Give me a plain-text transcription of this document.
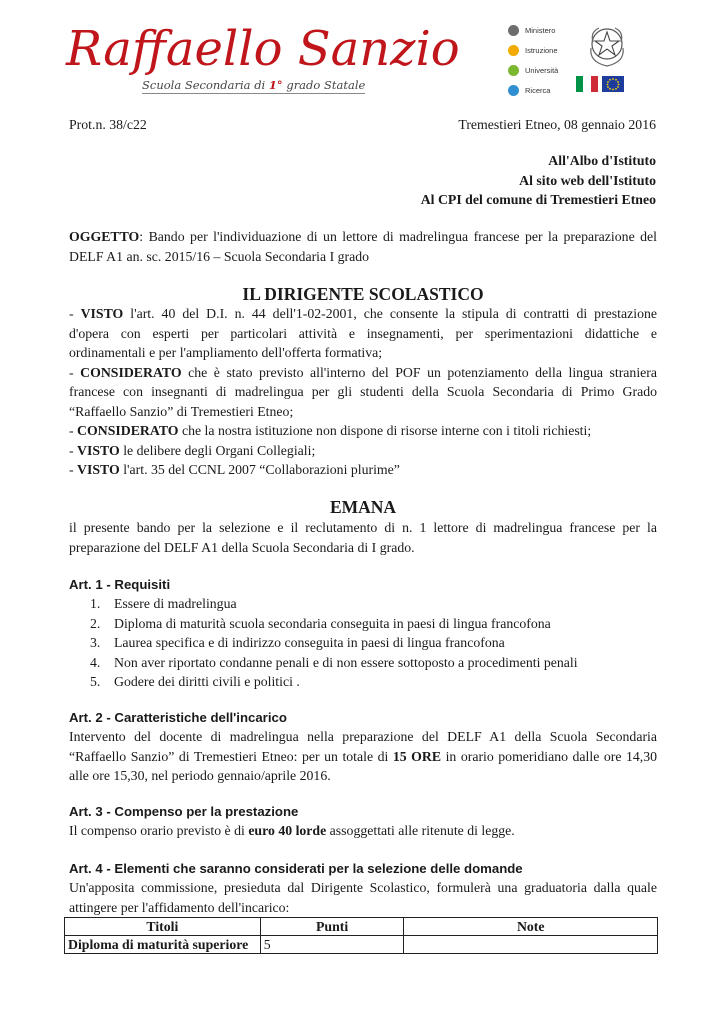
Raffaello Sanzio
Scuola Secondaria di 1° grado Statale
Ministero
Istruzione
Università
Ricerca
Prot.n. 38/c22	Tremestieri Etneo, 08 gennaio 2016
All'Albo d'Istituto
Al sito web dell'Istituto
Al CPI del comune di Tremestieri Etneo
OGGETTO: Bando per l'individuazione di un lettore di madrelingua francese per la preparazione del
DELF A1 an. sc. 2015/16 – Scuola Secondaria I grado
IL DIRIGENTE SCOLASTICO
- VISTO l'art. 40 del D.I. n. 44 dell'1-02-2001, che consente la stipula di contratti di prestazione
d'opera con esperti per particolari attività e insegnamenti, per sperimentazioni didattiche e
ordinamentali e per l'ampliamento dell'offerta formativa;
- CONSIDERATO che è stato previsto all'interno del POF un potenziamento della lingua straniera
francese con insegnanti di madrelingua per gli studenti della Scuola Secondaria di Primo Grado
“Raffaello Sanzio” di Tremestieri Etneo;
- CONSIDERATO che la nostra istituzione non dispone di risorse interne con i titoli richiesti;
- VISTO le delibere degli Organi Collegiali;
- VISTO l'art. 35 del CCNL 2007 “Collaborazioni plurime”
EMANA
il presente bando per la selezione e il reclutamento di n. 1 lettore di madrelingua francese per la
preparazione del DELF A1 della Scuola Secondaria di I grado.
Art. 1 - Requisiti
1. Essere di madrelingua
2. Diploma di maturità scuola secondaria conseguita in paesi di lingua francofona
3. Laurea specifica e di indirizzo conseguita in paesi di lingua francofona
4. Non aver riportato condanne penali e di non essere sottoposto a procedimenti penali
5. Godere dei diritti civili e politici .
Art. 2 - Caratteristiche dell'incarico
Intervento del docente di madrelingua nella preparazione del DELF A1 della Scuola Secondaria
“Raffaello Sanzio” di Tremestieri Etneo: per un totale di 15 ORE in orario pomeridiano dalle ore 14,30
alle ore 15,30, nel periodo gennaio/aprile 2016.
Art. 3 - Compenso per la prestazione
Il compenso orario previsto è di euro 40 lorde assoggettati alle ritenute di legge.
Art. 4 - Elementi che saranno considerati per la selezione delle domande
Un'apposita commissione, presieduta dal Dirigente Scolastico, formulerà una graduatoria dalla quale
attingere per l'affidamento dell'incarico:
Titoli	Punti	Note
Diploma di maturità superiore	5	
